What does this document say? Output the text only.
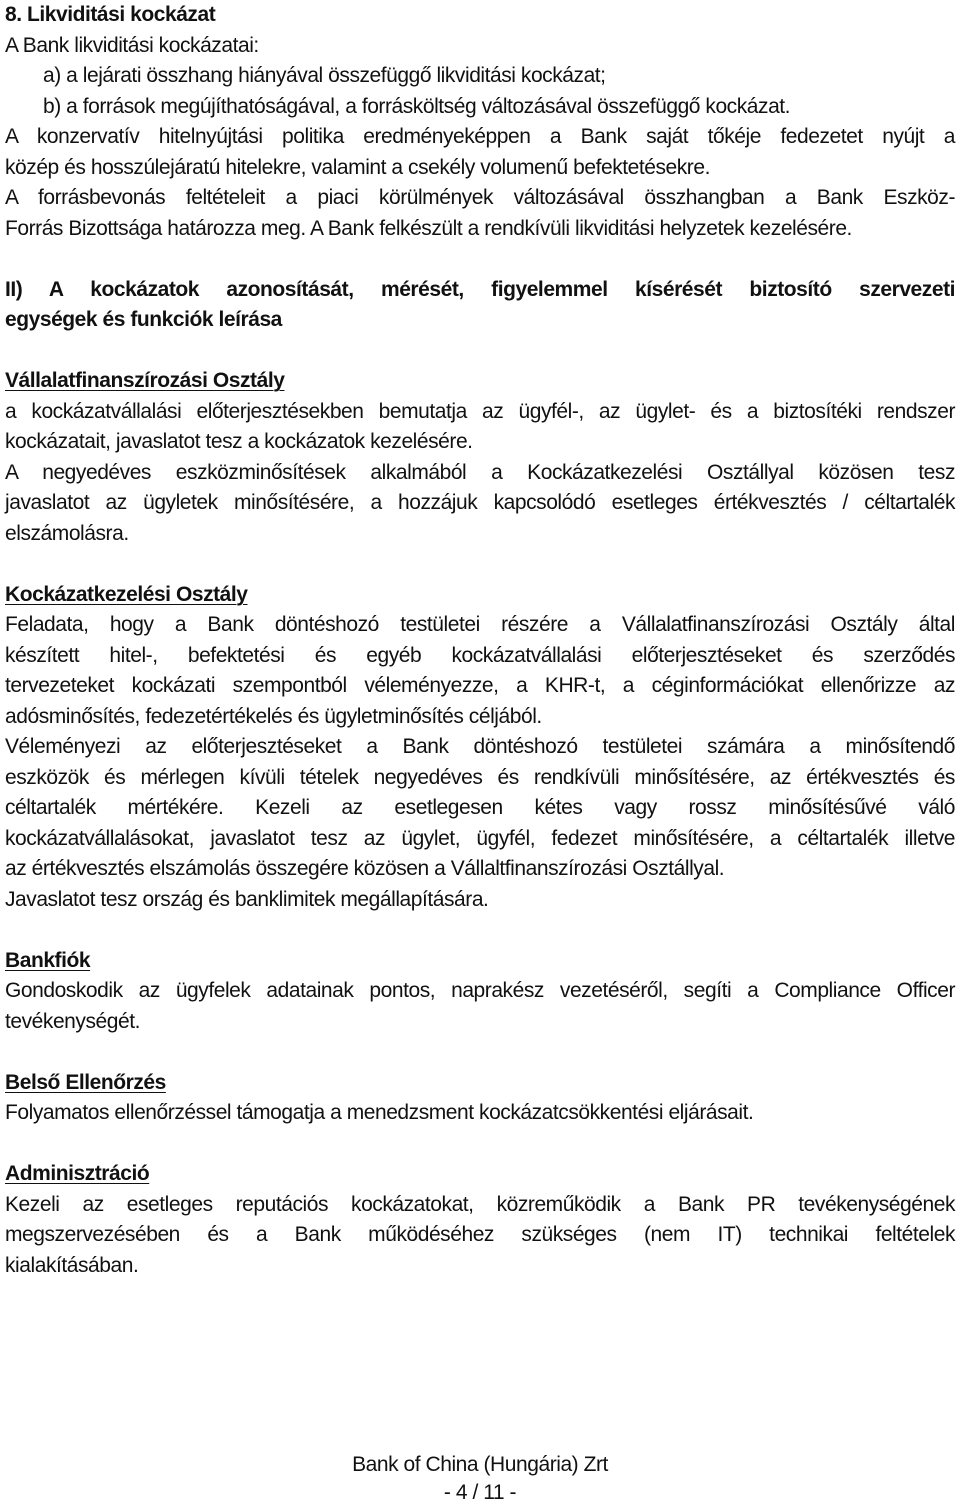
8. Likviditási kockázat
A Bank likviditási kockázatai:
a) a lejárati összhang hiányával összefüggő likviditási kockázat;
b) a források megújíthatóságával, a forrásköltség változásával összefüggő kockázat.
A konzervatív hitelnyújtási politika eredményeképpen a Bank saját tőkéje fedezetet nyújt a
közép és hosszúlejáratú hitelekre, valamint a csekély volumenű befektetésekre.
A forrásbevonás feltételeit a piaci körülmények változásával összhangban a Bank Eszköz-
Forrás Bizottsága határozza meg. A Bank felkészült a rendkívüli likviditási helyzetek kezelésére.
II) A kockázatok azonosítását, mérését, figyelemmel kísérését biztosító szervezeti
egységek és funkciók leírása
Vállalatfinanszírozási Osztály
a kockázatvállalási előterjesztésekben bemutatja az ügyfél-, az ügylet- és a biztosítéki rendszer
kockázatait, javaslatot tesz a kockázatok kezelésére.
A negyedéves eszközminősítések alkalmából a Kockázatkezelési Osztállyal közösen tesz
javaslatot az ügyletek minősítésére, a hozzájuk kapcsolódó esetleges értékvesztés / céltartalék
elszámolásra.
Kockázatkezelési Osztály
Feladata, hogy a Bank döntéshozó testületei részére a Vállalatfinanszírozási Osztály által
készített hitel-, befektetési és egyéb kockázatvállalási előterjesztéseket és szerződés
tervezeteket kockázati szempontból véleményezze, a KHR-t, a céginformációkat ellenőrizze az
adósminősítés, fedezetértékelés és ügyletminősítés céljából.
Véleményezi az előterjesztéseket a Bank döntéshozó testületei számára a minősítendő
eszközök és mérlegen kívüli tételek negyedéves és rendkívüli minősítésére, az értékvesztés és
céltartalék mértékére. Kezeli az esetlegesen kétes vagy rossz minősítésűvé váló
kockázatvállalásokat, javaslatot tesz az ügylet, ügyfél, fedezet minősítésére, a céltartalék illetve
az értékvesztés elszámolás összegére közösen a Vállaltfinanszírozási Osztállyal.
Javaslatot tesz ország és banklimitek megállapítására.
Bankfiók
Gondoskodik az ügyfelek adatainak pontos, naprakész vezetéséről, segíti a Compliance Officer
tevékenységét.
Belső Ellenőrzés
Folyamatos ellenőrzéssel támogatja a menedzsment kockázatcsökkentési eljárásait.
Adminisztráció
Kezeli az esetleges reputációs kockázatokat, közreműködik a Bank PR tevékenységének
megszervezésében és a Bank működéséhez szükséges (nem IT) technikai feltételek
kialakításában.
Bank of China (Hungária) Zrt
- 4 / 11 -
